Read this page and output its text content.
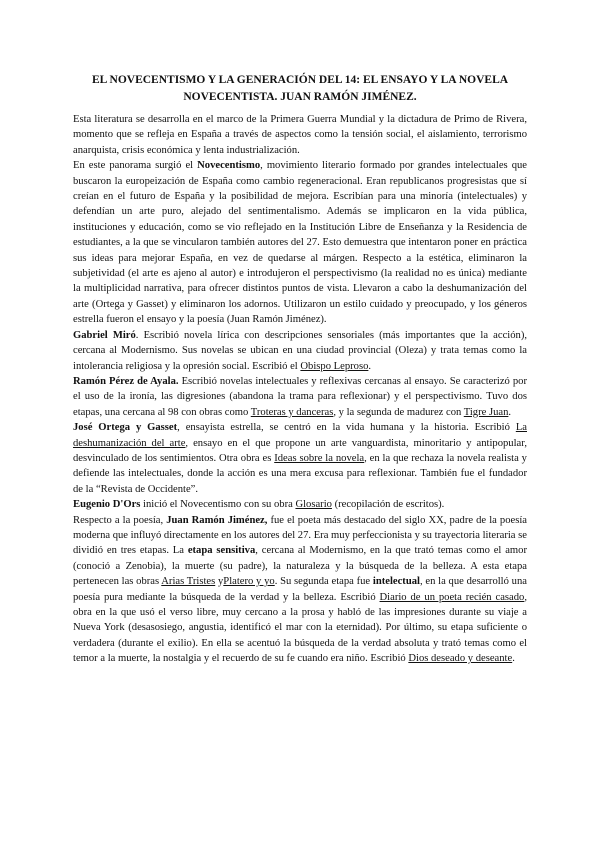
EL NOVECENTISMO Y LA GENERACIÓN DEL 14: EL ENSAYO Y LA NOVELA NOVECENTISTA. JUAN RAMÓN JIMÉNEZ.

Esta literatura se desarrolla en el marco de la Primera Guerra Mundial y la dictadura de Primo de Rivera, momento que se refleja en España a través de aspectos como la tensión social, el aislamiento, terrorismo anarquista, crisis económica y lenta industrialización.

En este panorama surgió el Novecentismo, movimiento literario formado por grandes intelectuales que buscaron la europeización de España como cambio regeneracional. Eran republicanos progresistas que sí creían en el futuro de España y la posibilidad de mejora. Escribían para una minoría (intelectuales) y defendían un arte puro, alejado del sentimentalismo. Además se implicaron en la vida pública, instituciones y educación, como se vio reflejado en la Institución Libre de Enseñanza y la Residencia de estudiantes, a la que se vincularon también autores del 27. Esto demuestra que intentaron poner en práctica sus ideas para mejorar España, en vez de quedarse al márgen. Respecto a la estética, eliminaron la subjetividad (el arte es ajeno al autor) e introdujeron el perspectivismo (la realidad no es única) mediante la multiplicidad narrativa, para ofrecer distintos puntos de vista. Llevaron a cabo la deshumanización del arte (Ortega y Gasset) y eliminaron los adornos. Utilizaron un estilo cuidado y preocupado, y los géneros estrella fueron el ensayo y la poesía (Juan Ramón Jiménez).

Gabriel Miró. Escribió novela lírica con descripciones sensoriales (más importantes que la acción), cercana al Modernismo. Sus novelas se ubican en una ciudad provincial (Oleza) y trata temas como la intolerancia religiosa y la opresión social. Escribió el Obispo Leproso.

Ramón Pérez de Ayala. Escribió novelas intelectuales y reflexivas cercanas al ensayo. Se caracterizó por el uso de la ironía, las digresiones (abandona la trama para reflexionar) y el perspectivismo. Tuvo dos etapas, una cercana al 98 con obras como Troteras y danceras, y la segunda de madurez con Tigre Juan.

José Ortega y Gasset, ensayista estrella, se centró en la vida humana y la historia. Escribió La deshumanización del arte, ensayo en el que propone un arte vanguardista, minoritario y antipopular, desvinculado de los sentimientos. Otra obra es Ideas sobre la novela, en la que rechaza la novela realista y defiende las intelectuales, donde la acción es una mera excusa para reflexionar. También fue el fundador de la “Revista de Occidente”.

Eugenio D'Ors inició el Novecentismo con su obra Glosario (recopilación de escritos).

Respecto a la poesía, Juan Ramón Jiménez, fue el poeta más destacado del siglo XX, padre de la poesía moderna que influyó directamente en los autores del 27. Era muy perfeccionista y su trayectoria literaria se dividió en tres etapas. La etapa sensitiva, cercana al Modernismo, en la que trató temas como el amor (conoció a Zenobia), la muerte (su padre), la naturaleza y la búsqueda de la belleza. A esta etapa pertenecen las obras Arias Tristes yPlatero y yo. Su segunda etapa fue intelectual, en la que desarrolló una poesía pura mediante la búsqueda de la verdad y la belleza. Escribió Diario de un poeta recién casado, obra en la que usó el verso libre, muy cercano a la prosa y habló de las impresiones durante su viaje a Nueva York (desasosiego, angustia, identificó el mar con la eternidad). Por último, su etapa suficiente o verdadera (durante el exilio). En ella se acentuó la búsqueda de la verdad absoluta y trató temas como el temor a la muerte, la nostalgia y el recuerdo de su fe cuando era niño. Escribió Dios deseado y deseante.
